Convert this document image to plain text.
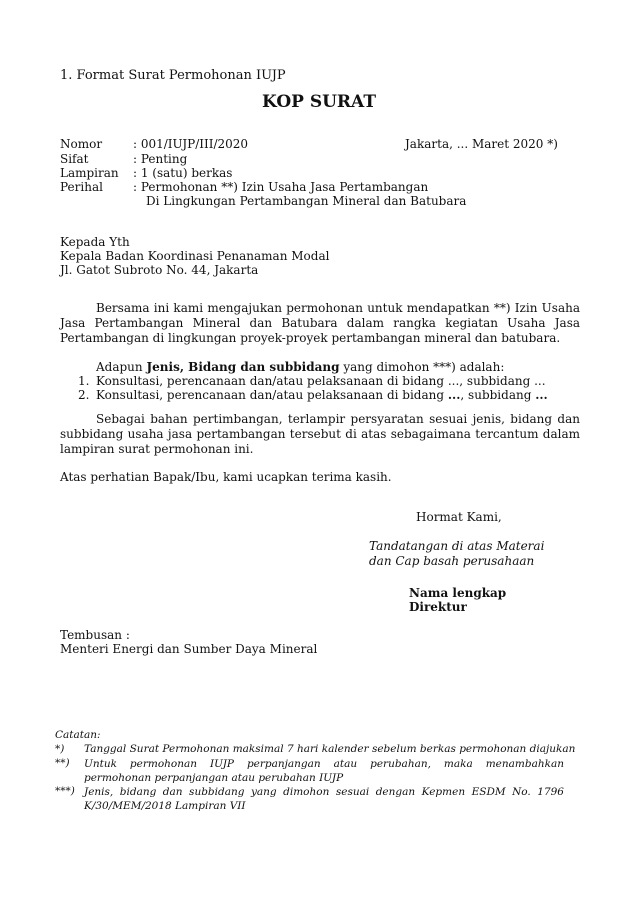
1. Format Surat Permohonan IUJP
KOP SURAT
Nomor	: 001/IUJP/III/2020	Jakarta, ... Maret 2020 *)
Sifat	: Penting
Lampiran : 1 (satu) berkas
Perihal	: Permohonan **) Izin Usaha Jasa Pertambangan
Di Lingkungan Pertambangan Mineral dan Batubara
Kepada Yth
Kepala Badan Koordinasi Penanaman Modal
Jl. Gatot Subroto No. 44, Jakarta
Bersama ini kami mengajukan permohonan untuk mendapatkan **) Izin Usaha Jasa Pertambangan Mineral dan Batubara dalam rangka kegiatan Usaha Jasa Pertambangan di lingkungan proyek-proyek pertambangan mineral dan batubara.
Adapun Jenis, Bidang dan subbidang yang dimohon ***) adalah:
1. Konsultasi, perencanaan dan/atau pelaksanaan di bidang ..., subbidang ...
2. Konsultasi, perencanaan dan/atau pelaksanaan di bidang ..., subbidang ...
Sebagai bahan pertimbangan, terlampir persyaratan sesuai jenis, bidang dan subbidang usaha jasa pertambangan tersebut di atas sebagaimana tercantum dalam lampiran surat permohonan ini.
Atas perhatian Bapak/Ibu, kami ucapkan terima kasih.
Hormat Kami,
Tandatangan di atas Materai
dan Cap basah perusahaan
Nama lengkap
Direktur
Tembusan :
Menteri Energi dan Sumber Daya Mineral
Catatan:
*) Tanggal Surat Permohonan maksimal 7 hari kalender sebelum berkas permohonan diajukan
**) Untuk permohonan IUJP perpanjangan atau perubahan, maka menambahkan permohonan perpanjangan atau perubahan IUJP
***) Jenis, bidang dan subbidang yang dimohon sesuai dengan Kepmen ESDM No. 1796 K/30/MEM/2018 Lampiran VII
